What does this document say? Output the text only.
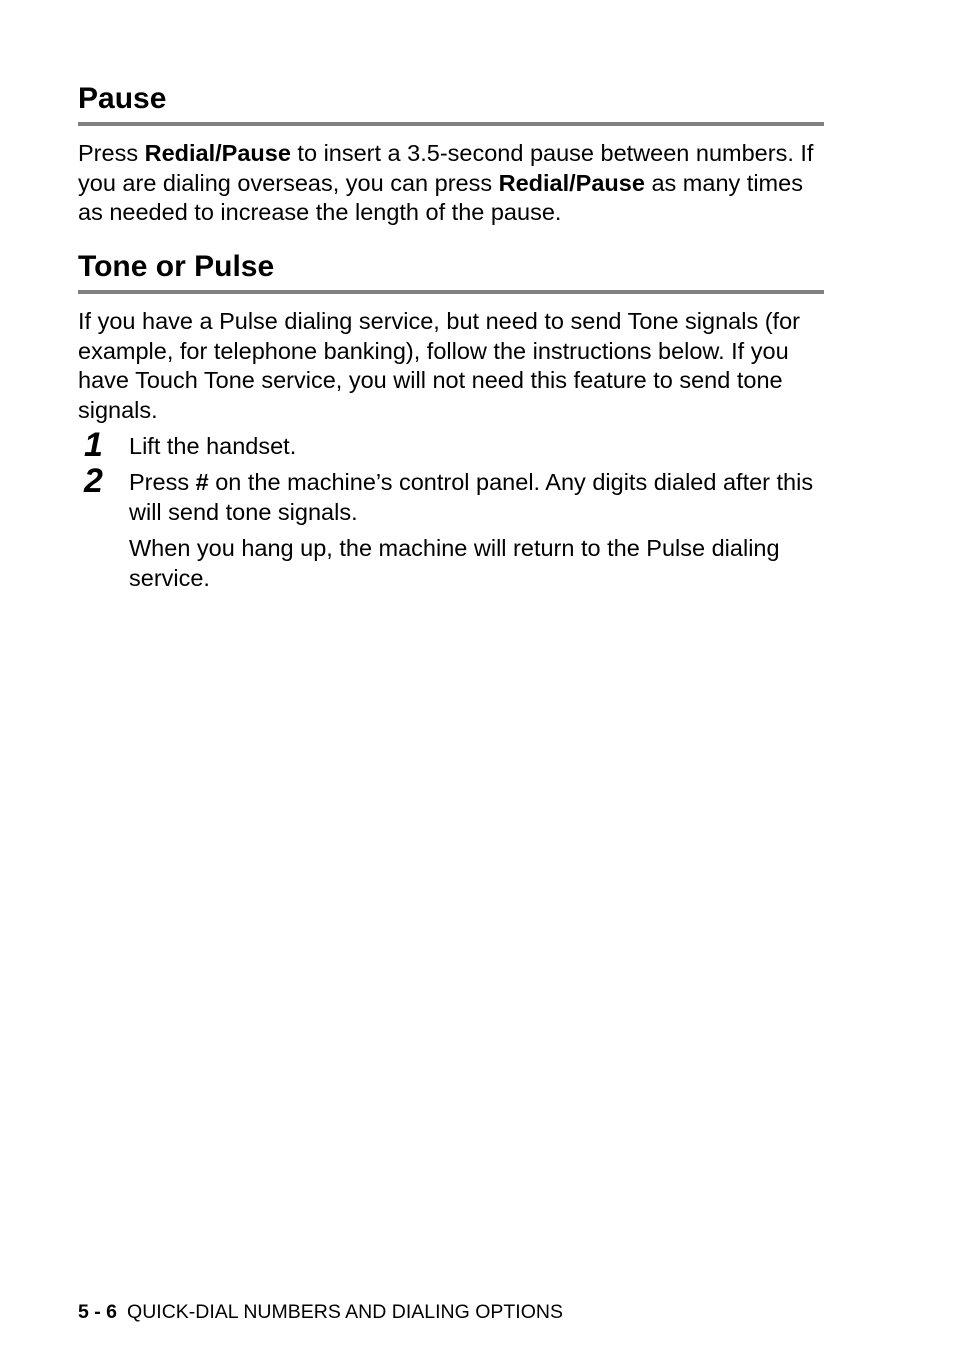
Pause

Press Redial/Pause to insert a 3.5-second pause between numbers. If you are dialing overseas, you can press Redial/Pause as many times as needed to increase the length of the pause.

Tone or Pulse

If you have a Pulse dialing service, but need to send Tone signals (for example, for telephone banking), follow the instructions below. If you have Touch Tone service, you will not need this feature to send tone signals.

1 Lift the handset.
2 Press # on the machine’s control panel. Any digits dialed after this will send tone signals.

When you hang up, the machine will return to the Pulse dialing service.

5 - 6 QUICK-DIAL NUMBERS AND DIALING OPTIONS
